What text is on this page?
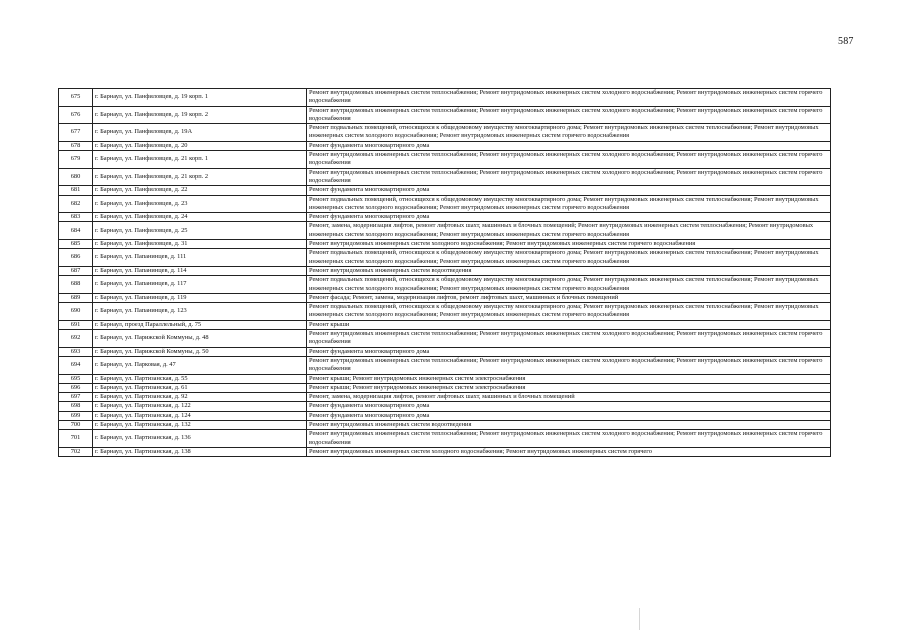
587
675	г. Барнаул, ул. Панфиловцев, д. 19 корп. 1	Ремонт внутридомовых инженерных систем теплоснабжения; Ремонт внутридомовых инженерных систем холодного водоснабжения; Ремонт внутридомовых инженерных систем горячего водоснабжения
676	г. Барнаул, ул. Панфиловцев, д. 19 корп. 2	Ремонт внутридомовых инженерных систем теплоснабжения; Ремонт внутридомовых инженерных систем холодного водоснабжения; Ремонт внутридомовых инженерных систем горячего водоснабжения
677	г. Барнаул, ул. Панфиловцев, д. 19А	Ремонт подвальных помещений, относящихся к общедомовому имуществу многоквартирного дома; Ремонт внутридомовых инженерных систем теплоснабжения; Ремонт внутридомовых инженерных систем холодного водоснабжения; Ремонт внутридомовых инженерных систем горячего водоснабжения
678	г. Барнаул, ул. Панфиловцев, д. 20	Ремонт фундамента многоквартирного дома
679	г. Барнаул, ул. Панфиловцев, д. 21 корп. 1	Ремонт внутридомовых инженерных систем теплоснабжения; Ремонт внутридомовых инженерных систем холодного водоснабжения; Ремонт внутридомовых инженерных систем горячего водоснабжения
680	г. Барнаул, ул. Панфиловцев, д. 21 корп. 2	Ремонт внутридомовых инженерных систем теплоснабжения; Ремонт внутридомовых инженерных систем холодного водоснабжения; Ремонт внутридомовых инженерных систем горячего водоснабжения
681	г. Барнаул, ул. Панфиловцев, д. 22	Ремонт фундамента многоквартирного дома
682	г. Барнаул, ул. Панфиловцев, д. 23	Ремонт подвальных помещений, относящихся к общедомовому имуществу многоквартирного дома; Ремонт внутридомовых инженерных систем теплоснабжения; Ремонт внутридомовых инженерных систем холодного водоснабжения; Ремонт внутридомовых инженерных систем горячего водоснабжения
683	г. Барнаул, ул. Панфиловцев, д. 24	Ремонт фундамента многоквартирного дома
684	г. Барнаул, ул. Панфиловцев, д. 25	Ремонт, замена, модернизация лифтов, ремонт лифтовых шахт, машинных и блочных помещений; Ремонт внутридомовых инженерных систем теплоснабжения; Ремонт внутридомовых инженерных систем холодного водоснабжения; Ремонт внутридомовых инженерных систем горячего водоснабжения
685	г. Барнаул, ул. Панфиловцев, д. 31	Ремонт внутридомовых инженерных систем холодного водоснабжения; Ремонт внутридомовых инженерных систем горячего водоснабжения
686	г. Барнаул, ул. Папанинцев, д. 111	Ремонт подвальных помещений, относящихся к общедомовому имуществу многоквартирного дома; Ремонт внутридомовых инженерных систем теплоснабжения; Ремонт внутридомовых инженерных систем холодного водоснабжения; Ремонт внутридомовых инженерных систем горячего водоснабжения
687	г. Барнаул, ул. Папанинцев, д. 114	Ремонт внутридомовых инженерных систем водоотведения
688	г. Барнаул, ул. Папанинцев, д. 117	Ремонт подвальных помещений, относящихся к общедомовому имуществу многоквартирного дома; Ремонт внутридомовых инженерных систем теплоснабжения; Ремонт внутридомовых инженерных систем холодного водоснабжения; Ремонт внутридомовых инженерных систем горячего водоснабжения
689	г. Барнаул, ул. Папанинцев, д. 119	Ремонт фасада; Ремонт, замена, модернизация лифтов, ремонт лифтовых шахт, машинных и блочных помещений
690	г. Барнаул, ул. Папанинцев, д. 123	Ремонт подвальных помещений, относящихся к общедомовому имуществу многоквартирного дома; Ремонт внутридомовых инженерных систем теплоснабжения; Ремонт внутридомовых инженерных систем холодного водоснабжения; Ремонт внутридомовых инженерных систем горячего водоснабжения
691	г. Барнаул, проезд Параллельный, д. 75	Ремонт крыши
692	г. Барнаул, ул. Парижской Коммуны, д. 48	Ремонт внутридомовых инженерных систем теплоснабжения; Ремонт внутридомовых инженерных систем холодного водоснабжения; Ремонт внутридомовых инженерных систем горячего водоснабжения
693	г. Барнаул, ул. Парижской Коммуны, д. 50	Ремонт фундамента многоквартирного дома
694	г. Барнаул, ул. Парковая, д. 47	Ремонт внутридомовых инженерных систем теплоснабжения; Ремонт внутридомовых инженерных систем холодного водоснабжения; Ремонт внутридомовых инженерных систем горячего водоснабжения
695	г. Барнаул, ул. Партизанская, д. 55	Ремонт крыши; Ремонт внутридомовых инженерных систем электроснабжения
696	г. Барнаул, ул. Партизанская, д. 61	Ремонт крыши; Ремонт внутридомовых инженерных систем электроснабжения
697	г. Барнаул, ул. Партизанская, д. 92	Ремонт, замена, модернизация лифтов, ремонт лифтовых шахт, машинных и блочных помещений
698	г. Барнаул, ул. Партизанская, д. 122	Ремонт фундамента многоквартирного дома
699	г. Барнаул, ул. Партизанская, д. 124	Ремонт фундамента многоквартирного дома
700	г. Барнаул, ул. Партизанская, д. 132	Ремонт внутридомовых инженерных систем водоотведения
701	г. Барнаул, ул. Партизанская, д. 136	Ремонт внутридомовых инженерных систем теплоснабжения; Ремонт внутридомовых инженерных систем холодного водоснабжения; Ремонт внутридомовых инженерных систем горячего водоснабжения
702	г. Барнаул, ул. Партизанская, д. 138	Ремонт внутридомовых инженерных систем холодного водоснабжения; Ремонт внутридомовых инженерных систем горячего
